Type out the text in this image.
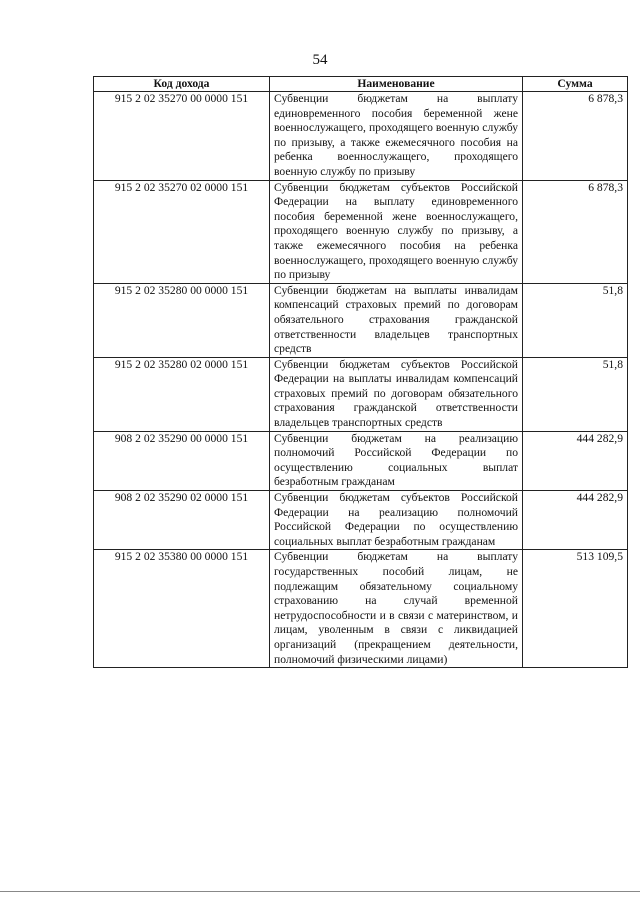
54
Код дохода	Наименование	Сумма
915 2 02 35270 00 0000 151	Субвенции бюджетам на выплату единовременного пособия беременной жене военнослужащего, проходящего военную службу по призыву, а также ежемесячного пособия на ребенка военнослужащего, проходящего военную службу по призыву	6 878,3
915 2 02 35270 02 0000 151	Субвенции бюджетам субъектов Российской Федерации на выплату единовременного пособия беременной жене военнослужащего, проходящего военную службу по призыву, а также ежемесячного пособия на ребенка военнослужащего, проходящего военную службу по призыву	6 878,3
915 2 02 35280 00 0000 151	Субвенции бюджетам на выплаты инвалидам компенсаций страховых премий по договорам обязательного страхования гражданской ответственности владельцев транспортных средств	51,8
915 2 02 35280 02 0000 151	Субвенции бюджетам субъектов Российской Федерации на выплаты инвалидам компенсаций страховых премий по договорам обязательного страхования гражданской ответственности владельцев транспортных средств	51,8
908 2 02 35290 00 0000 151	Субвенции бюджетам на реализацию полномочий Российской Федерации по осуществлению социальных выплат безработным гражданам	444 282,9
908 2 02 35290 02 0000 151	Субвенции бюджетам субъектов Российской Федерации на реализацию полномочий Российской Федерации по осуществлению социальных выплат безработным гражданам	444 282,9
915 2 02 35380 00 0000 151	Субвенции бюджетам на выплату государственных пособий лицам, не подлежащим обязательному социальному страхованию на случай временной нетрудоспособности и в связи с материнством, и лицам, уволенным в связи с ликвидацией организаций (прекращением деятельности, полномочий физическими лицами)	513 109,5
